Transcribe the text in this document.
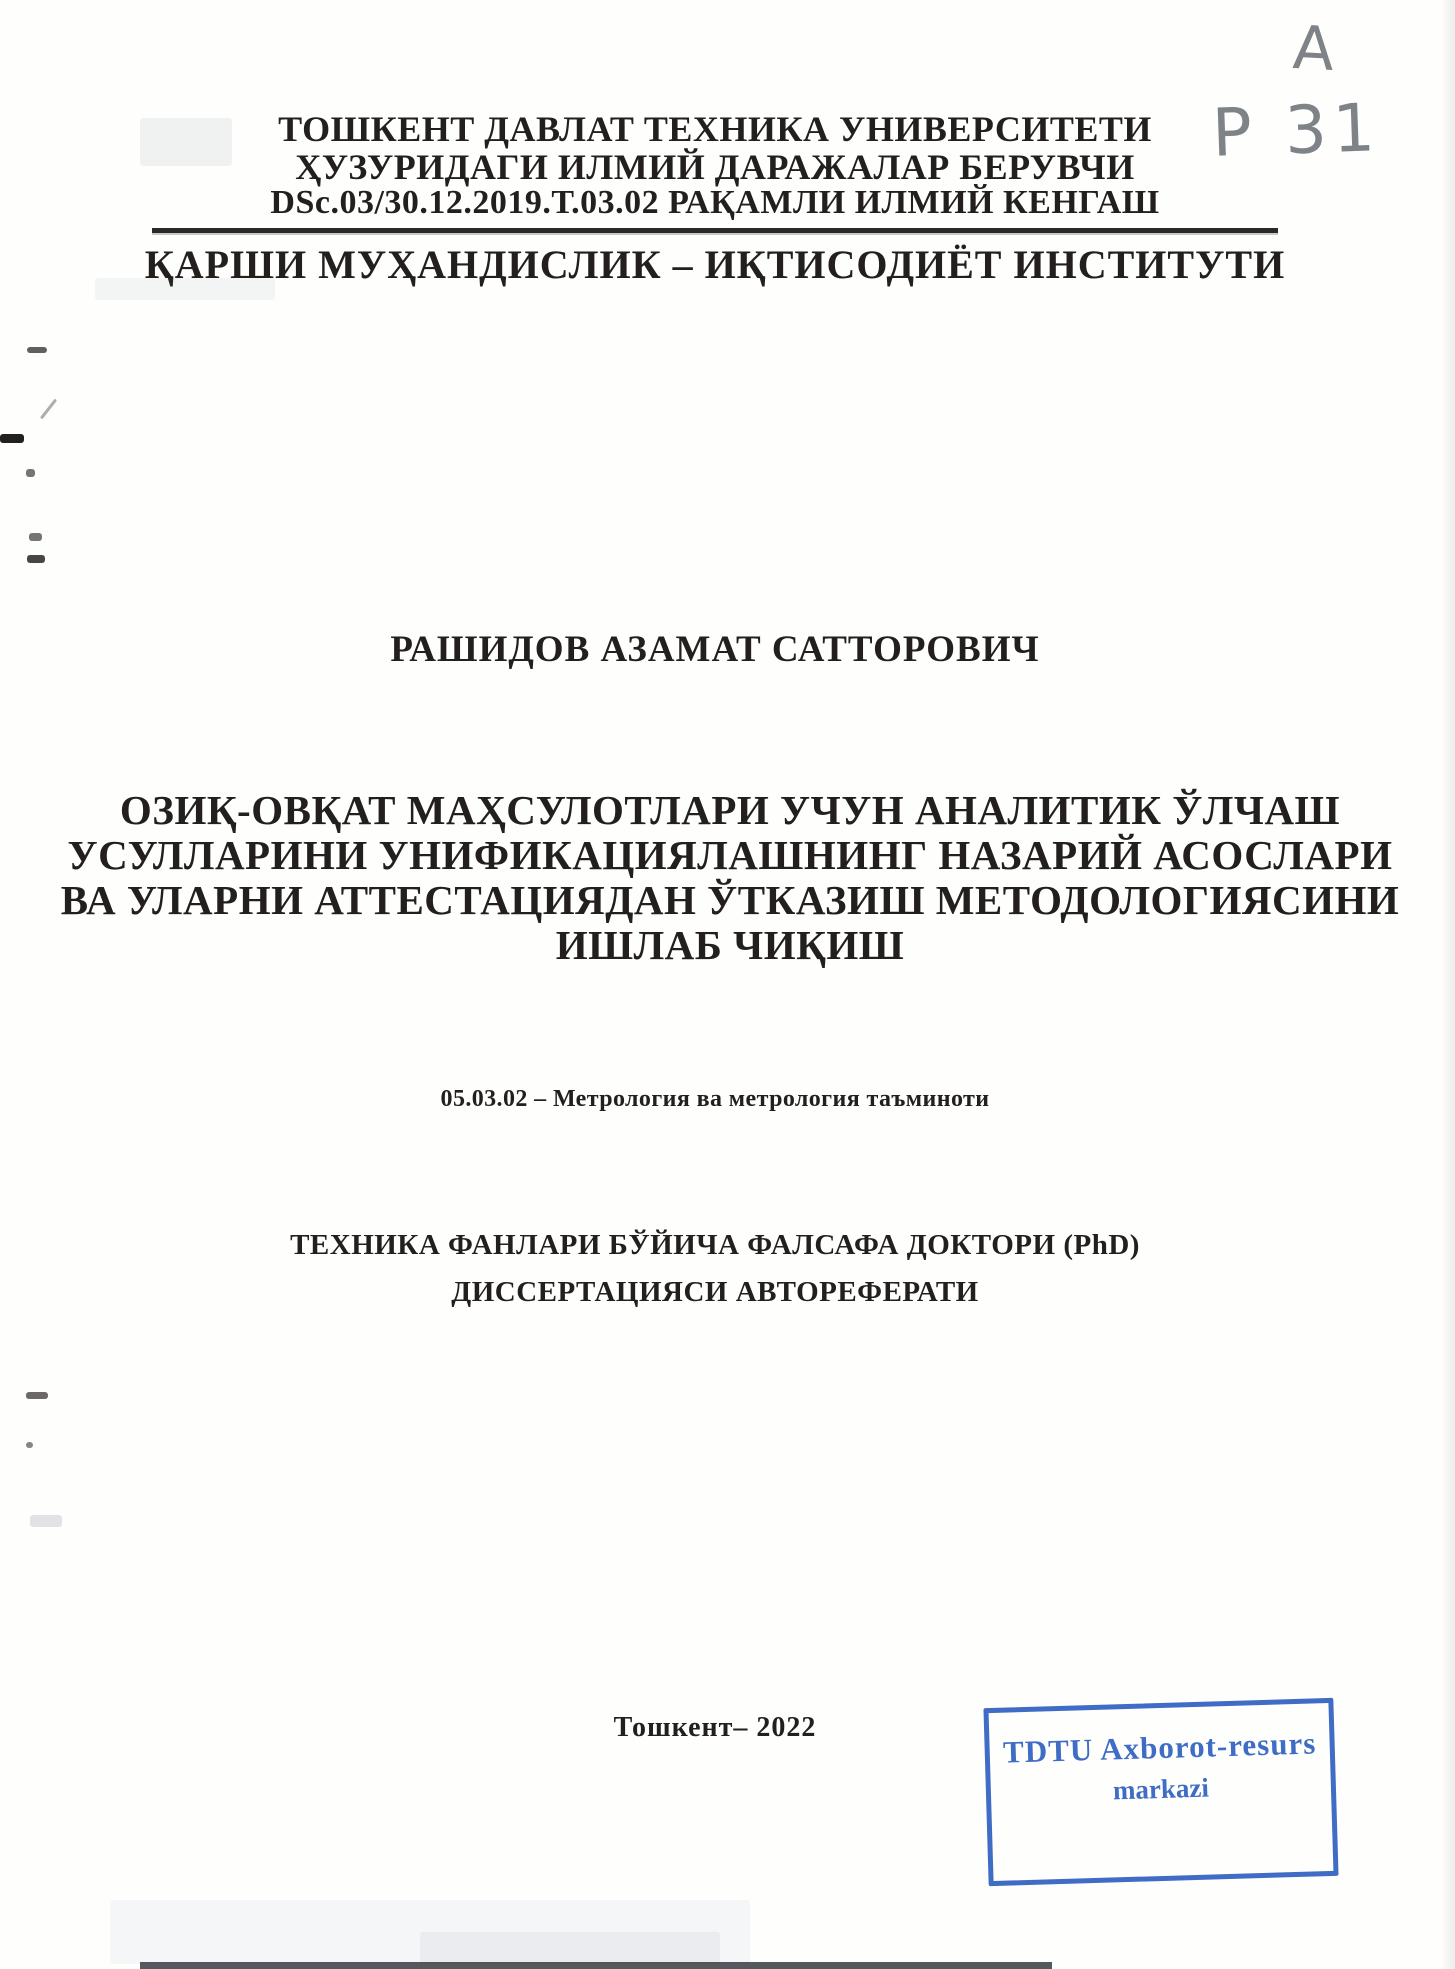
ТОШКЕНТ ДАВЛАТ ТЕХНИКА УНИВЕРСИТЕТИ
ҲУЗУРИДАГИ ИЛМИЙ ДАРАЖАЛАР БЕРУВЧИ
DSc.03/30.12.2019.Т.03.02 РАҚАМЛИ ИЛМИЙ КЕНГАШ
ҚАРШИ МУҲАНДИСЛИК – ИҚТИСОДИЁТ ИНСТИТУТИ
A
P 31
РАШИДОВ АЗАМАТ САТТОРОВИЧ
ОЗИҚ-ОВҚАТ МАҲСУЛОТЛАРИ УЧУН АНАЛИТИК ЎЛЧАШ
УСУЛЛАРИНИ УНИФИКАЦИЯЛАШНИНГ НАЗАРИЙ АСОСЛАРИ
ВА УЛАРНИ АТТЕСТАЦИЯДАН ЎТКАЗИШ МЕТОДОЛОГИЯСИНИ
ИШЛАБ ЧИҚИШ
05.03.02 – Метрология ва метрология таъминоти
ТЕХНИКА ФАНЛАРИ БЎЙИЧА ФАЛСАФА ДОКТОРИ (PhD)
ДИССЕРТАЦИЯСИ АВТОРЕФЕРАТИ
Тошкент– 2022	TDTU Axborot-resurs
markazi
